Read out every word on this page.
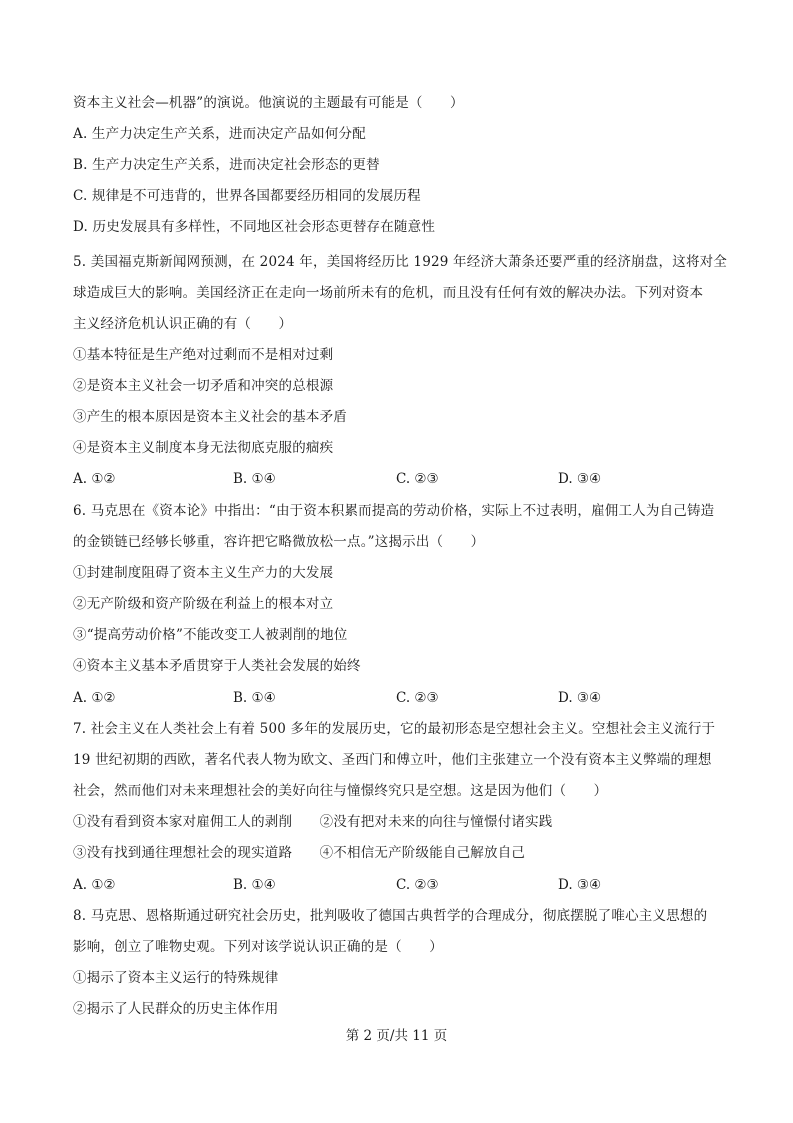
资本主义社会—机器”的演说。他演说的主题最有可能是（　　）
A. 生产力决定生产关系，进而决定产品如何分配
B. 生产力决定生产关系，进而决定社会形态的更替
C. 规律是不可违背的，世界各国都要经历相同的发展历程
D. 历史发展具有多样性，不同地区社会形态更替存在随意性
5. 美国福克斯新闻网预测，在 2024 年，美国将经历比 1929 年经济大萧条还要严重的经济崩盘，这将对全
球造成巨大的影响。美国经济正在走向一场前所未有的危机，而且没有任何有效的解决办法。下列对资本
主义经济危机认识正确的有（　　）
①基本特征是生产绝对过剩而不是相对过剩
②是资本主义社会一切矛盾和冲突的总根源
③产生的根本原因是资本主义社会的基本矛盾
④是资本主义制度本身无法彻底克服的痼疾
A. ①②	B. ①④	C. ②③	D. ③④
6. 马克思在《资本论》中指出：“由于资本积累而提高的劳动价格，实际上不过表明，雇佣工人为自己铸造
的金锁链已经够长够重，容许把它略微放松一点。”这揭示出（　　）
①封建制度阻碍了资本主义生产力的大发展
②无产阶级和资产阶级在利益上的根本对立
③“提高劳动价格”不能改变工人被剥削的地位
④资本主义基本矛盾贯穿于人类社会发展的始终
A. ①②	B. ①④	C. ②③	D. ③④
7. 社会主义在人类社会上有着 500 多年的发展历史，它的最初形态是空想社会主义。空想社会主义流行于
19 世纪初期的西欧，著名代表人物为欧文、圣西门和傅立叶，他们主张建立一个没有资本主义弊端的理想
社会，然而他们对未来理想社会的美好向往与憧憬终究只是空想。这是因为他们（　　）
①没有看到资本家对雇佣工人的剥削　　②没有把对未来的向往与憧憬付诸实践
③没有找到通往理想社会的现实道路　　④不相信无产阶级能自己解放自己
A. ①②	B. ①④	C. ②③	D. ③④
8. 马克思、恩格斯通过研究社会历史，批判吸收了德国古典哲学的合理成分，彻底摆脱了唯心主义思想的
影响，创立了唯物史观。下列对该学说认识正确的是（　　）
①揭示了资本主义运行的特殊规律
②揭示了人民群众的历史主体作用
第 2 页/共 11 页
